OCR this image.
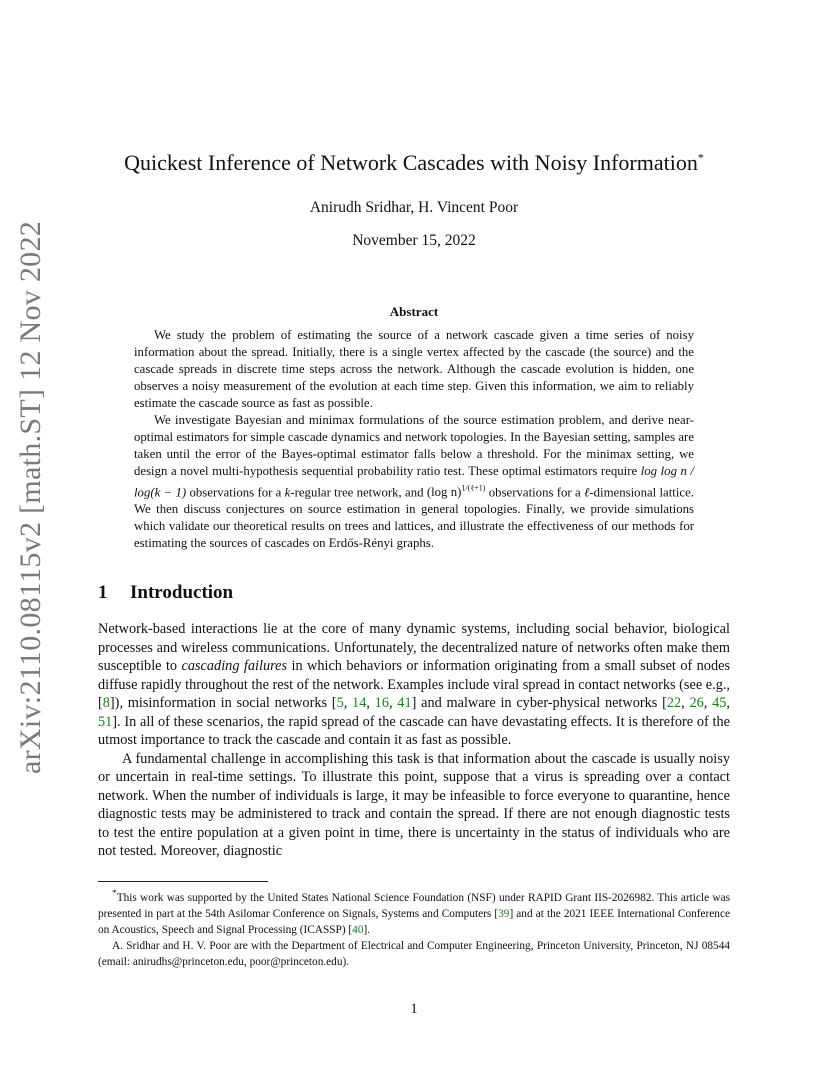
arXiv:2110.08115v2 [math.ST] 12 Nov 2022
Quickest Inference of Network Cascades with Noisy Information*
Anirudh Sridhar, H. Vincent Poor
November 15, 2022
Abstract

We study the problem of estimating the source of a network cascade given a time series of noisy information about the spread. Initially, there is a single vertex affected by the cascade (the source) and the cascade spreads in discrete time steps across the network. Although the cascade evolution is hidden, one observes a noisy measurement of the evolution at each time step. Given this information, we aim to reliably estimate the cascade source as fast as possible.

We investigate Bayesian and minimax formulations of the source estimation problem, and derive near-optimal estimators for simple cascade dynamics and network topologies. In the Bayesian setting, samples are taken until the error of the Bayes-optimal estimator falls below a threshold. For the minimax setting, we design a novel multi-hypothesis sequential probability ratio test. These optimal estimators require log log n / log(k − 1) observations for a k-regular tree network, and (log n)$^{1/(\ell+1)}$ observations for a ℓ-dimensional lattice. We then discuss conjectures on source estimation in general topologies. Finally, we provide simulations which validate our theoretical results on trees and lattices, and illustrate the effectiveness of our methods for estimating the sources of cascades on Erdős-Rényi graphs.

1 Introduction

Network-based interactions lie at the core of many dynamic systems, including social behavior, biological processes and wireless communications. Unfortunately, the decentralized nature of networks often make them susceptible to cascading failures in which behaviors or information originating from a small subset of nodes diffuse rapidly throughout the rest of the network. Examples include viral spread in contact networks (see e.g., [8]), misinformation in social networks [5, 14, 16, 41] and malware in cyber-physical networks [22, 26, 45, 51]. In all of these scenarios, the rapid spread of the cascade can have devastating effects. It is therefore of the utmost importance to track the cascade and contain it as fast as possible.

A fundamental challenge in accomplishing this task is that information about the cascade is usually noisy or uncertain in real-time settings. To illustrate this point, suppose that a virus is spreading over a contact network. When the number of individuals is large, it may be infeasible to force everyone to quarantine, hence diagnostic tests may be administered to track and contain the spread. If there are not enough diagnostic tests to test the entire population at a given point in time, there is uncertainty in the status of individuals who are not tested. Moreover, diagnostic

*This work was supported by the United States National Science Foundation (NSF) under RAPID Grant IIS-2026982. This article was presented in part at the 54th Asilomar Conference on Signals, Systems and Computers [39] and at the 2021 IEEE International Conference on Acoustics, Speech and Signal Processing (ICASSP) [40].

A. Sridhar and H. V. Poor are with the Department of Electrical and Computer Engineering, Princeton University, Princeton, NJ 08544 (email: anirudhs@princeton.edu, poor@princeton.edu).

1
